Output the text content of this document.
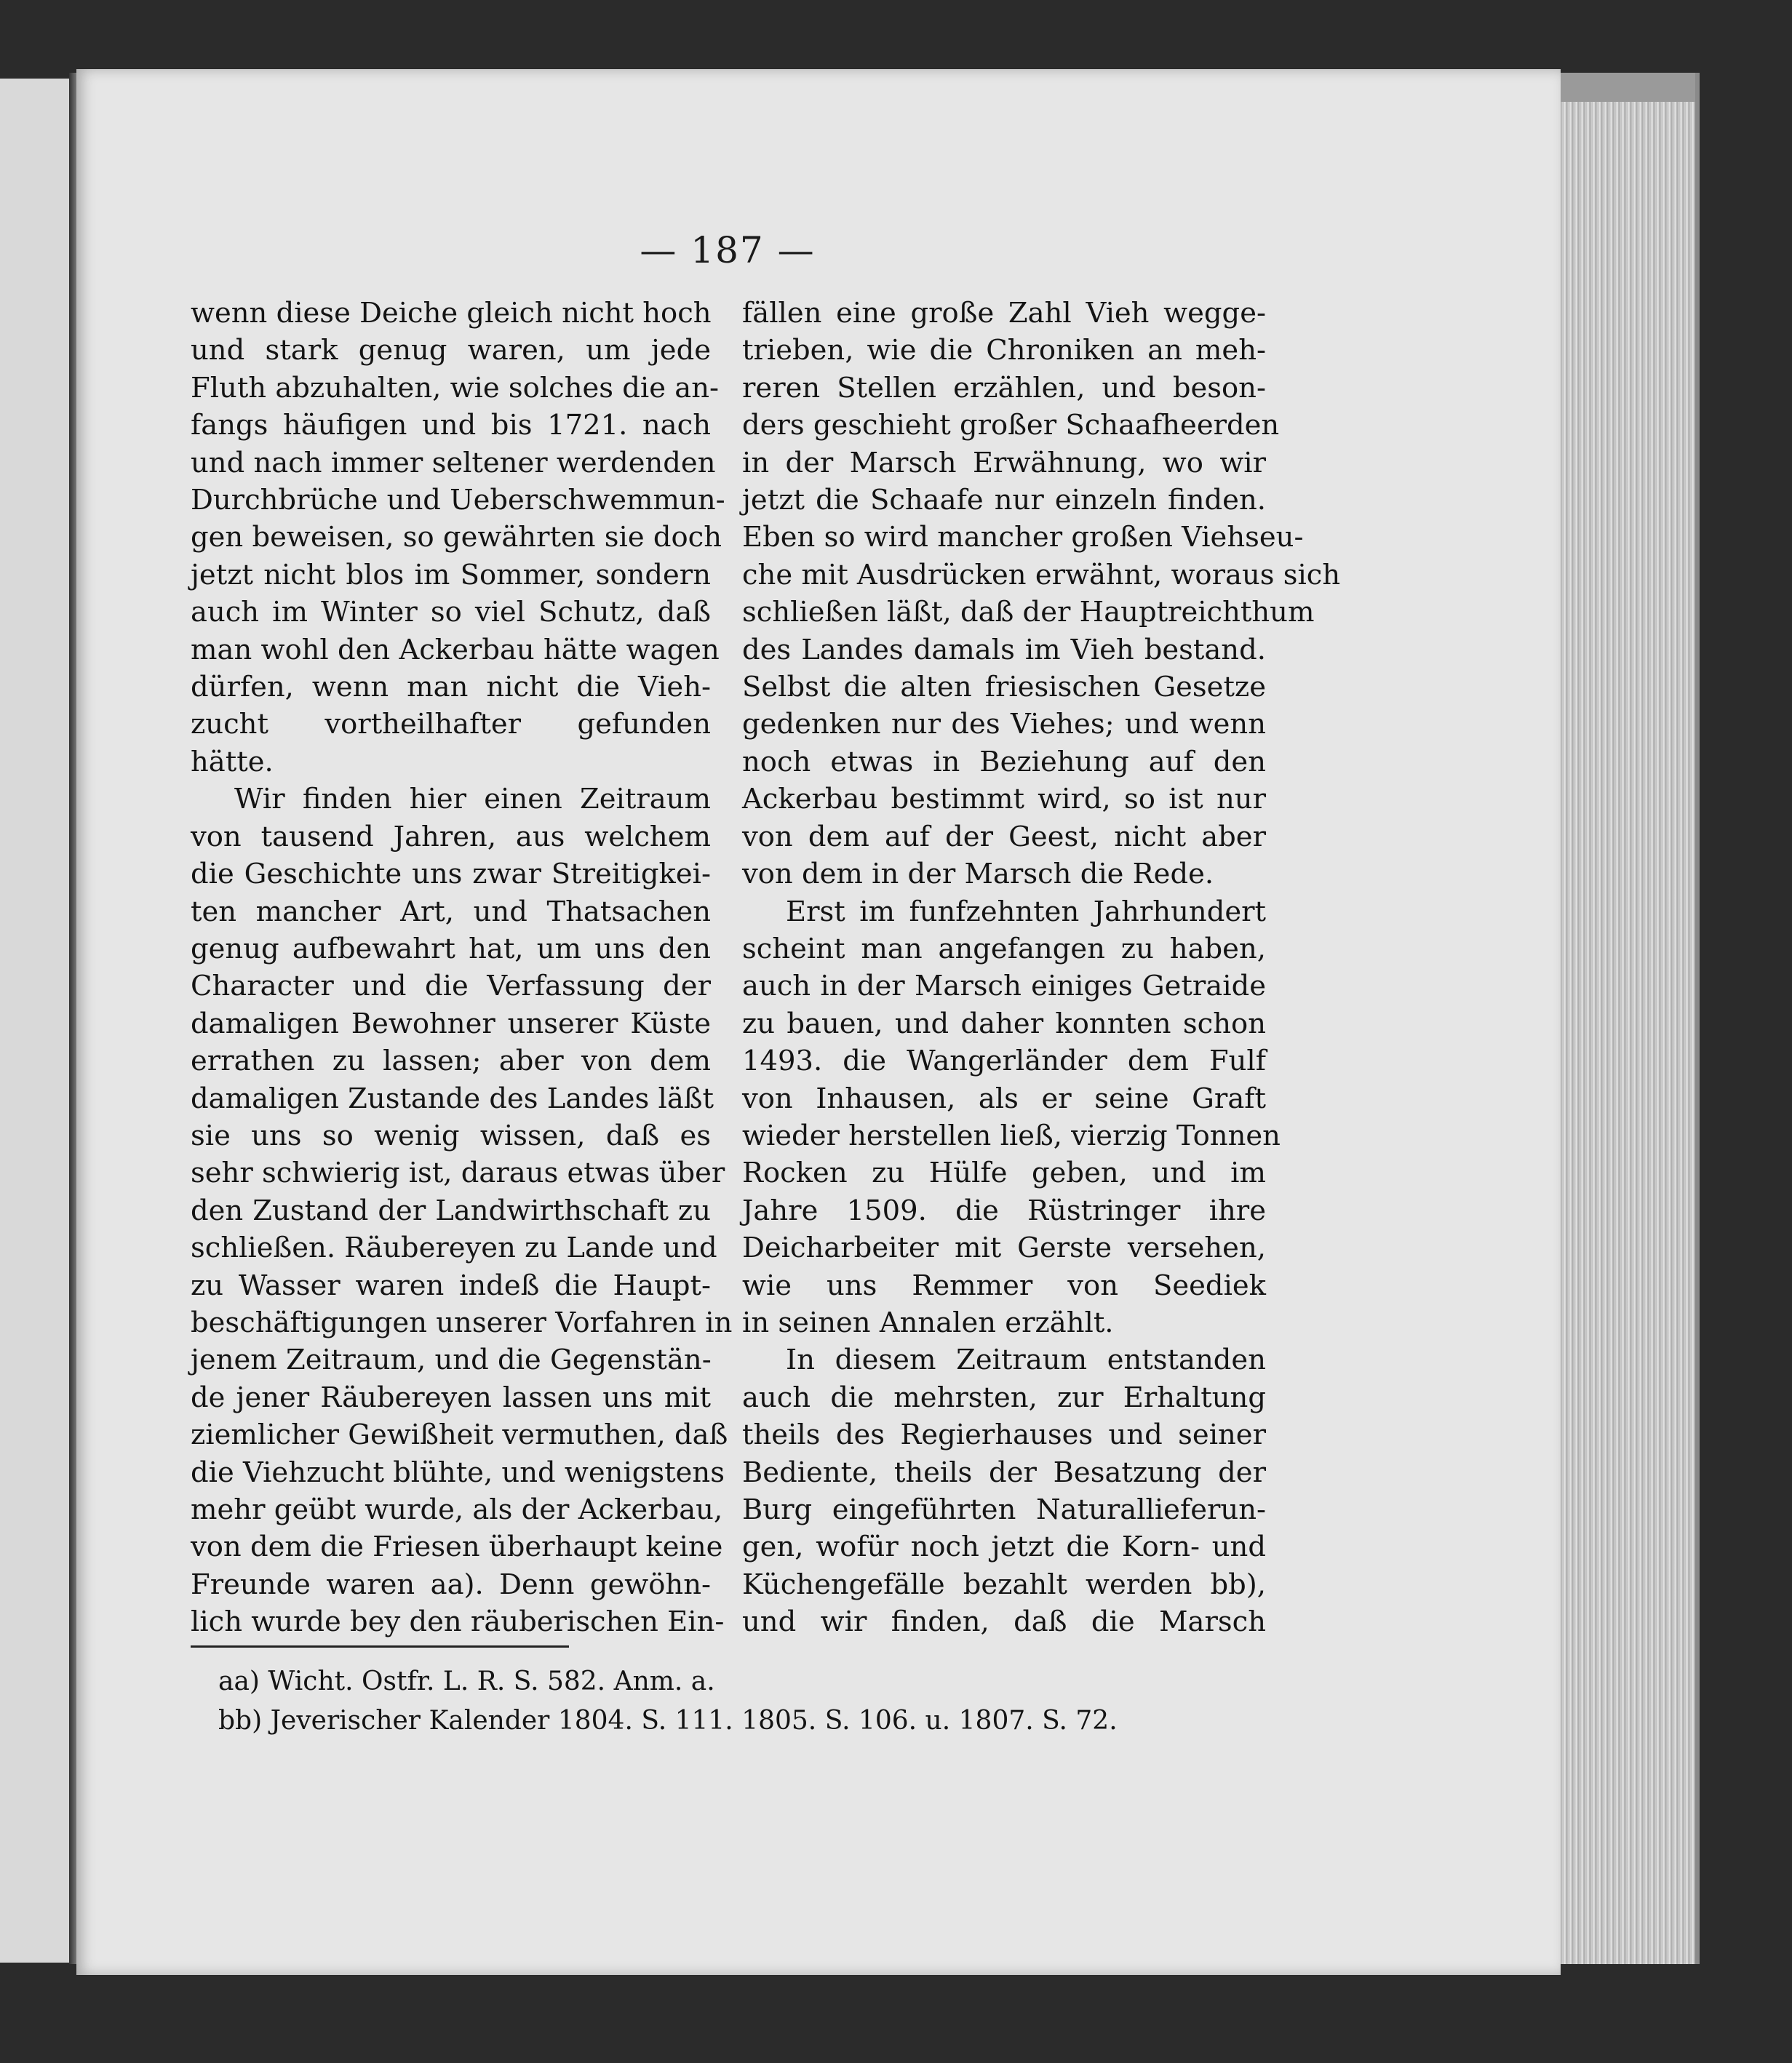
— 187 —
wenn diese Deiche gleich nicht hoch
und stark genug waren, um jede
Fluth abzuhalten, wie solches die an-
fangs häufigen und bis 1721. nach
und nach immer seltener werdenden
Durchbrüche und Ueberschwemmun-
gen beweisen, so gewährten sie doch
jetzt nicht blos im Sommer, sondern
auch im Winter so viel Schutz, daß
man wohl den Ackerbau hätte wagen
dürfen, wenn man nicht die Vieh-
zucht vortheilhafter gefunden
hätte.
Wir finden hier einen Zeitraum
von tausend Jahren, aus welchem
die Geschichte uns zwar Streitigkei-
ten mancher Art, und Thatsachen
genug aufbewahrt hat, um uns den
Character und die Verfassung der
damaligen Bewohner unserer Küste
errathen zu lassen; aber von dem
damaligen Zustande des Landes läßt
sie uns so wenig wissen, daß es
sehr schwierig ist, daraus etwas über
den Zustand der Landwirthschaft zu
schließen. Räubereyen zu Lande und
zu Wasser waren indeß die Haupt-
beschäftigungen unserer Vorfahren in
jenem Zeitraum, und die Gegenstän-
de jener Räubereyen lassen uns mit
ziemlicher Gewißheit vermuthen, daß
die Viehzucht blühte, und wenigstens
mehr geübt wurde, als der Ackerbau,
von dem die Friesen überhaupt keine
Freunde waren aa). Denn gewöhn-
lich wurde bey den räuberischen Ein-
fällen eine große Zahl Vieh wegge-
trieben, wie die Chroniken an meh-
reren Stellen erzählen, und beson-
ders geschieht großer Schaafheerden
in der Marsch Erwähnung, wo wir
jetzt die Schaafe nur einzeln finden.
Eben so wird mancher großen Viehseu-
che mit Ausdrücken erwähnt, woraus sich
schließen läßt, daß der Hauptreichthum
des Landes damals im Vieh bestand.
Selbst die alten friesischen Gesetze
gedenken nur des Viehes; und wenn
noch etwas in Beziehung auf den
Ackerbau bestimmt wird, so ist nur
von dem auf der Geest, nicht aber
von dem in der Marsch die Rede.
Erst im funfzehnten Jahrhundert
scheint man angefangen zu haben,
auch in der Marsch einiges Getraide
zu bauen, und daher konnten schon
1493. die Wangerländer dem Fulf
von Inhausen, als er seine Graft
wieder herstellen ließ, vierzig Tonnen
Rocken zu Hülfe geben, und im
Jahre 1509. die Rüstringer ihre
Deicharbeiter mit Gerste versehen,
wie uns Remmer von Seediek
in seinen Annalen erzählt.
In diesem Zeitraum entstanden
auch die mehrsten, zur Erhaltung
theils des Regierhauses und seiner
Bediente, theils der Besatzung der
Burg eingeführten Naturallieferun-
gen, wofür noch jetzt die Korn- und
Küchengefälle bezahlt werden bb),
und wir finden, daß die Marsch
aa) Wicht. Ostfr. L. R. S. 582. Anm. a.
bb) Jeverischer Kalender 1804. S. 111. 1805. S. 106. u. 1807. S. 72.
